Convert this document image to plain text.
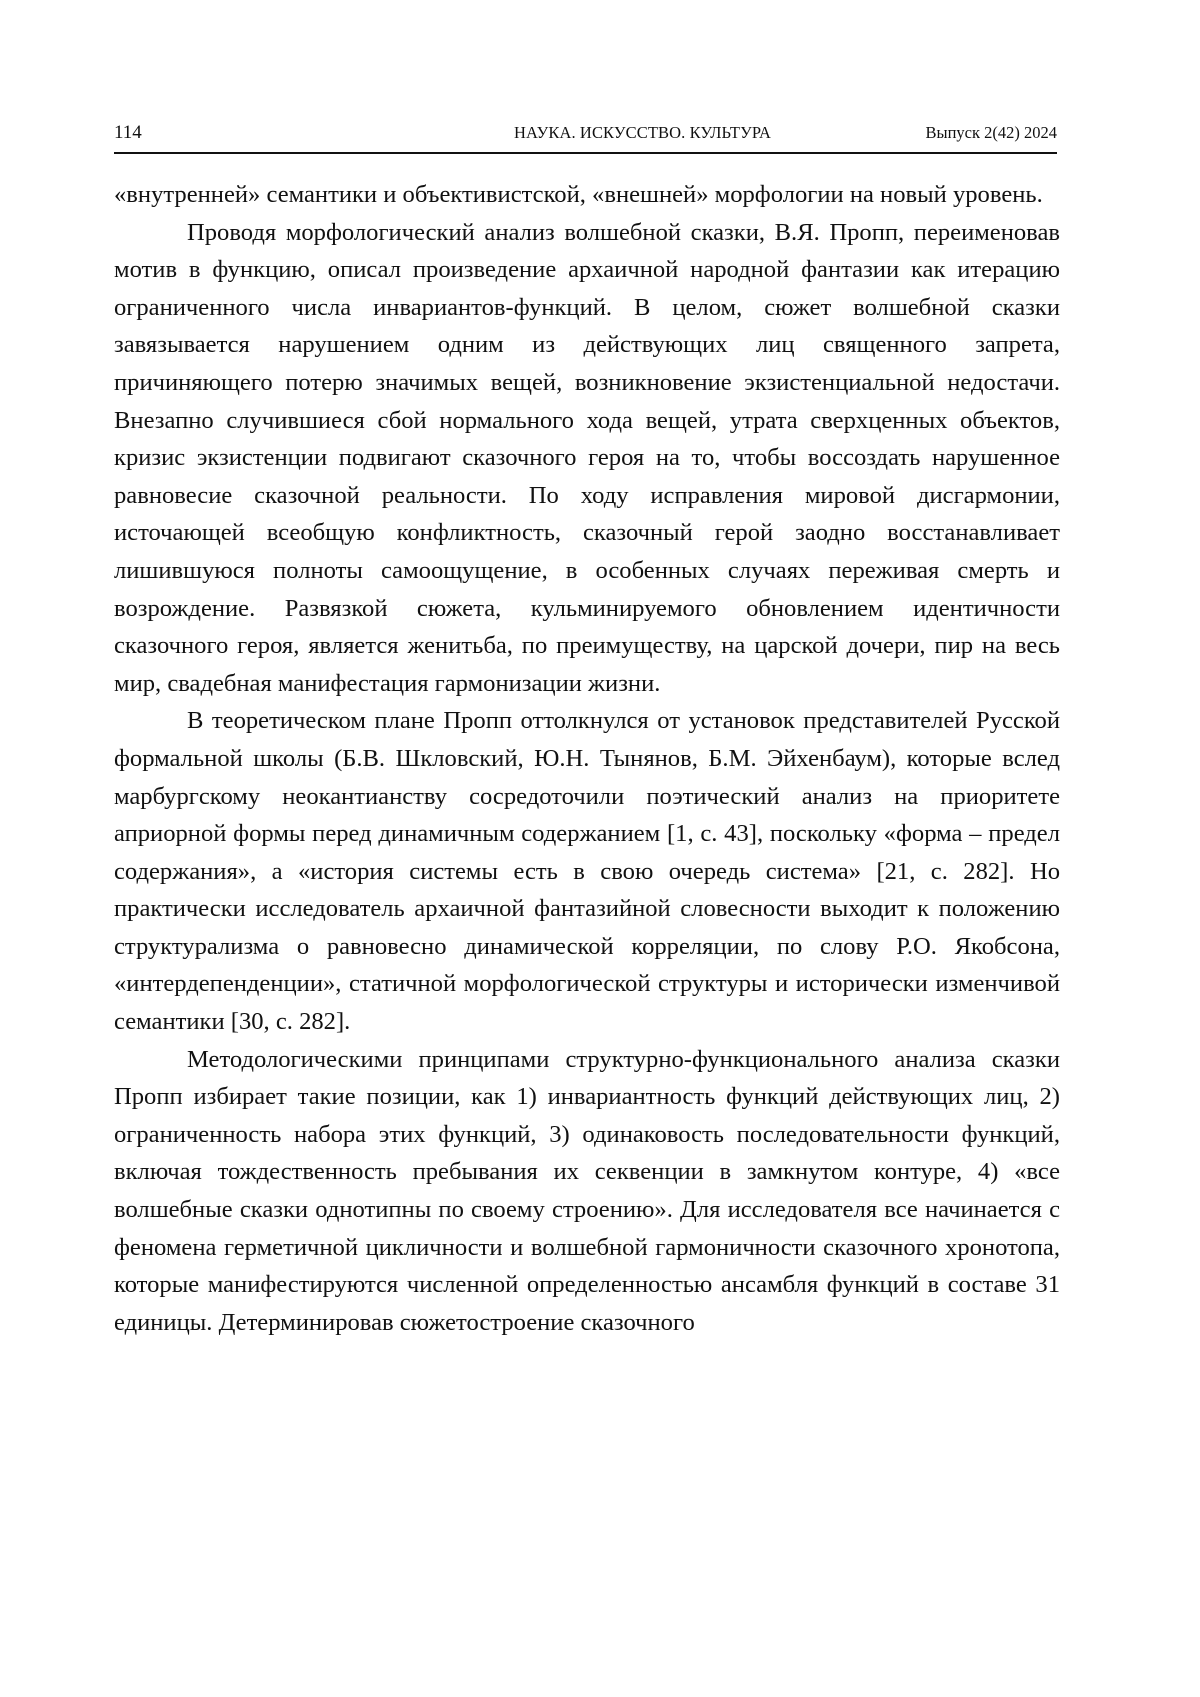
114	НАУКА. ИСКУССТВО. КУЛЬТУРА	Выпуск 2(42) 2024

«внутренней» семантики и объективистской, «внешней» морфологии на новый уровень.

Проводя морфологический анализ волшебной сказки, В.Я. Пропп, переименовав мотив в функцию, описал произведение архаичной народной фантазии как итерацию ограниченного числа инвариантов-функций. В целом, сюжет волшебной сказки завязывается нарушением одним из действующих лиц священного запрета, причиняющего потерю значимых вещей, возникновение экзистенциальной недостачи. Внезапно случившиеся сбой нормального хода вещей, утрата сверхценных объектов, кризис экзистенции подвигают сказочного героя на то, чтобы воссоздать нарушенное равновесие сказочной реальности. По ходу исправления мировой дисгармонии, источающей всеобщую конфликтность, сказочный герой заодно восстанавливает лишившуюся полноты самоощущение, в особенных случаях переживая смерть и возрождение. Развязкой сюжета, кульминируемого обновлением идентичности сказочного героя, является женитьба, по преимуществу, на царской дочери, пир на весь мир, свадебная манифестация гармонизации жизни.

В теоретическом плане Пропп оттолкнулся от установок представителей Русской формальной школы (Б.В. Шкловский, Ю.Н. Тынянов, Б.М. Эйхенбаум), которые вслед марбургскому неокантианству сосредоточили поэтический анализ на приоритете априорной формы перед динамичным содержанием [1, с. 43], поскольку «форма – предел содержания», а «история системы есть в свою очередь система» [21, с. 282]. Но практически исследователь архаичной фантазийной словесности выходит к положению структурализма о равновесно динамической корреляции, по слову Р.О. Якобсона, «интердепенденции», статичной морфологической структуры и исторически изменчивой семантики [30, с. 282].

Методологическими принципами структурно-функционального анализа сказки Пропп избирает такие позиции, как 1) инвариантность функций действующих лиц, 2) ограниченность набора этих функций, 3) одинаковость последовательности функций, включая тождественность пребывания их секвенции в замкнутом контуре, 4) «все волшебные сказки однотипны по своему строению». Для исследователя все начинается с феномена герметичной цикличности и волшебной гармоничности сказочного хронотопа, которые манифестируются численной определенностью ансамбля функций в составе 31 единицы. Детерминировав сюжетостроение сказочного
